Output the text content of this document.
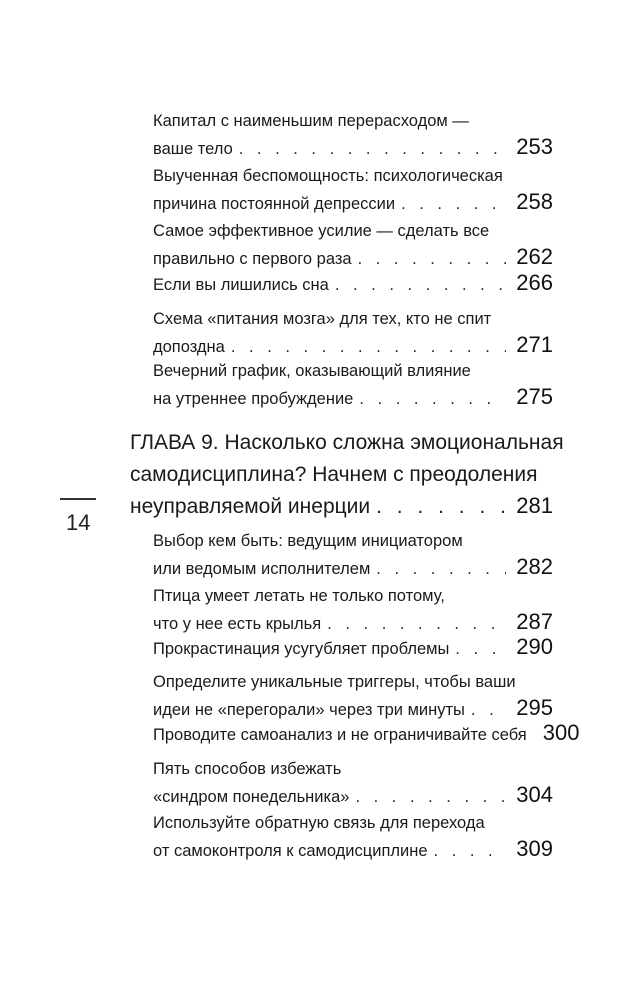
Капитал с наименьшим перерасходом —
ваше тело . . .	253
Выученная беспомощность: психологическая
причина постоянной депрессии . . .	258
Самое эффективное усилие — сделать все
правильно с первого раза . . .	262
Если вы лишились сна . . .	266
Схема «питания мозга» для тех, кто не спит
допоздна . . .	271
Вечерний график, оказывающий влияние
на утреннее пробуждение . . .	275
ГЛАВА 9. Насколько сложна эмоциональная
самодисциплина? Начнем с преодоления
неуправляемой инерции . . .	281
Выбор кем быть: ведущим инициатором
или ведомым исполнителем . . .	282
Птица умеет летать не только потому,
что у нее есть крылья . . .	287
Прокрастинация усугубляет проблемы . . .	290
Определите уникальные триггеры, чтобы ваши
идеи не «перегорали» через три минуты . . . 295
Проводите самоанализ и не ограничивайте себя 300
Пять способов избежать
«синдром понедельника» . . .	304
Используйте обратную связь для перехода
от самоконтроля к самодисциплине . . .	309
14
